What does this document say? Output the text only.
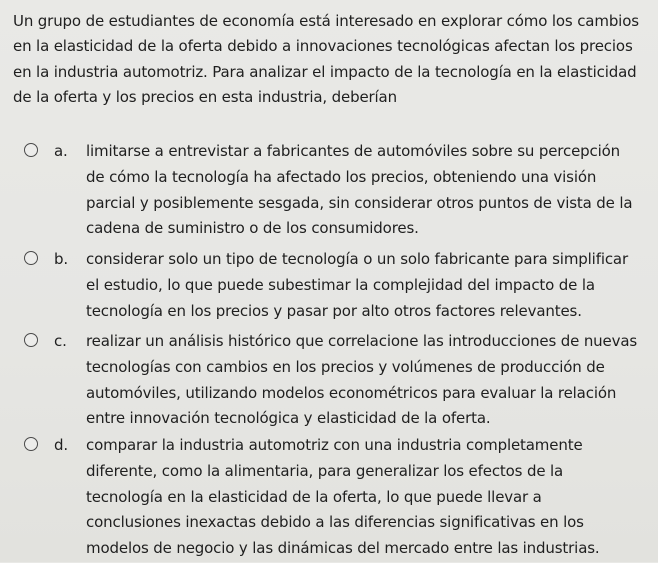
Un grupo de estudiantes de economía está interesado en explorar cómo los cambios en la elasticidad de la oferta debido a innovaciones tecnológicas afectan los precios en la industria automotriz. Para analizar el impacto de la tecnología en la elasticidad de la oferta y los precios en esta industria, deberían
a.	limitarse a entrevistar a fabricantes de automóviles sobre su percepción de cómo la tecnología ha afectado los precios, obteniendo una visión parcial y posiblemente sesgada, sin considerar otros puntos de vista de la cadena de suministro o de los consumidores.
b.	considerar solo un tipo de tecnología o un solo fabricante para simplificar el estudio, lo que puede subestimar la complejidad del impacto de la tecnología en los precios y pasar por alto otros factores relevantes.
c.	realizar un análisis histórico que correlacione las introducciones de nuevas tecnologías con cambios en los precios y volúmenes de producción de automóviles, utilizando modelos econométricos para evaluar la relación entre innovación tecnológica y elasticidad de la oferta.
d.	comparar la industria automotriz con una industria completamente diferente, como la alimentaria, para generalizar los efectos de la tecnología en la elasticidad de la oferta, lo que puede llevar a conclusiones inexactas debido a las diferencias significativas en los modelos de negocio y las dinámicas del mercado entre las industrias.
